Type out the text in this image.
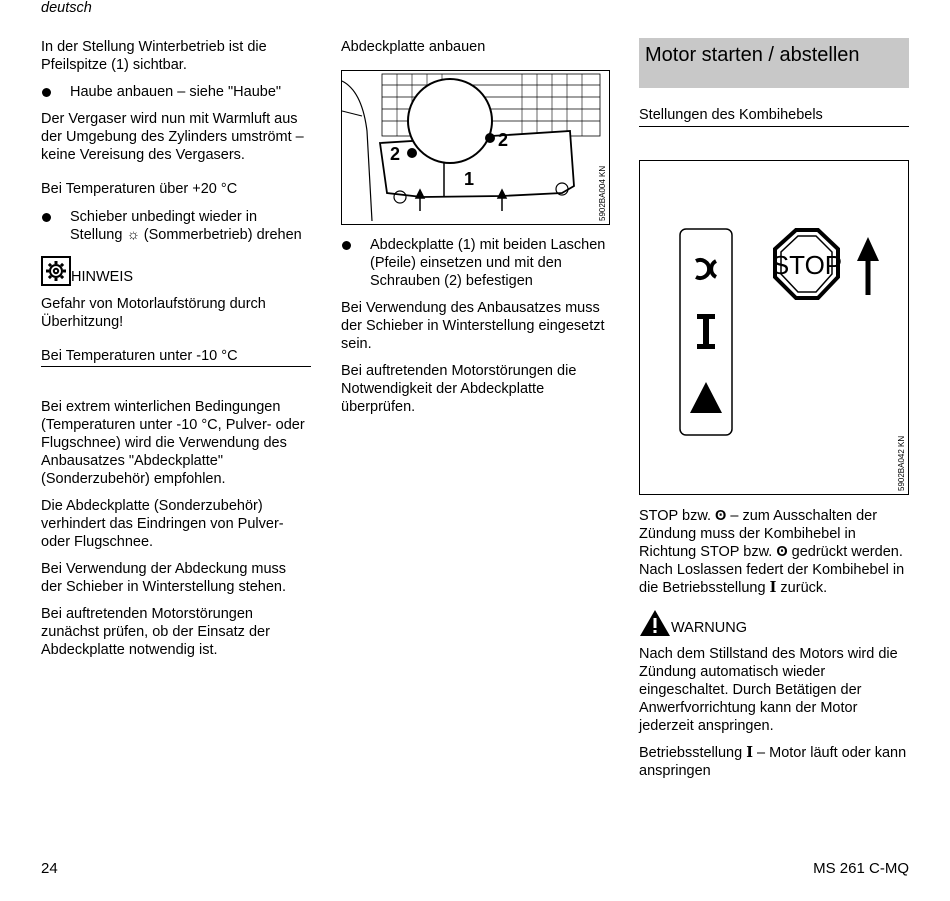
deutsch

In der Stellung Winterbetrieb ist die Pfeilspitze (1) sichtbar.

Haube anbauen – siehe "Haube"

Der Vergaser wird nun mit Warmluft aus der Umgebung des Zylinders umströmt – keine Vereisung des Vergasers.

Bei Temperaturen über +20 °C

Schieber unbedingt wieder in Stellung ☼ (Sommerbetrieb) drehen

HINWEIS

Gefahr von Motorlaufstörung durch Überhitzung!

Bei Temperaturen unter -10 °C

Bei extrem winterlichen Bedingungen (Temperaturen unter -10 °C, Pulver- oder Flugschnee) wird die Verwendung des Anbausatzes "Abdeckplatte" (Sonderzubehör) empfohlen.

Die Abdeckplatte (Sonderzubehör) verhindert das Eindringen von Pulver- oder Flugschnee.

Bei Verwendung der Abdeckung muss der Schieber in Winterstellung stehen.

Bei auftretenden Motorstörungen zunächst prüfen, ob der Einsatz der Abdeckplatte notwendig ist.

Abdeckplatte anbauen

2
2
1	5902BA004 KN

Abdeckplatte (1) mit beiden Laschen (Pfeile) einsetzen und mit den Schrauben (2) befestigen

Bei Verwendung des Anbausatzes muss der Schieber in Winterstellung eingesetzt sein.

Bei auftretenden Motorstörungen die Notwendigkeit der Abdeckplatte überprüfen.

Motor starten / abstellen

Stellungen des Kombihebels

STOP
5902BA042 KN

STOP bzw. ʘ – zum Ausschalten der Zündung muss der Kombihebel in Richtung STOP bzw. ʘ gedrückt werden. Nach Loslassen federt der Kombihebel in die Betriebsstellung I zurück.

WARNUNG

Nach dem Stillstand des Motors wird die Zündung automatisch wieder eingeschaltet. Durch Betätigen der Anwerfvorrichtung kann der Motor jederzeit anspringen.

Betriebsstellung I – Motor läuft oder kann anspringen

24	MS 261 C-MQ
